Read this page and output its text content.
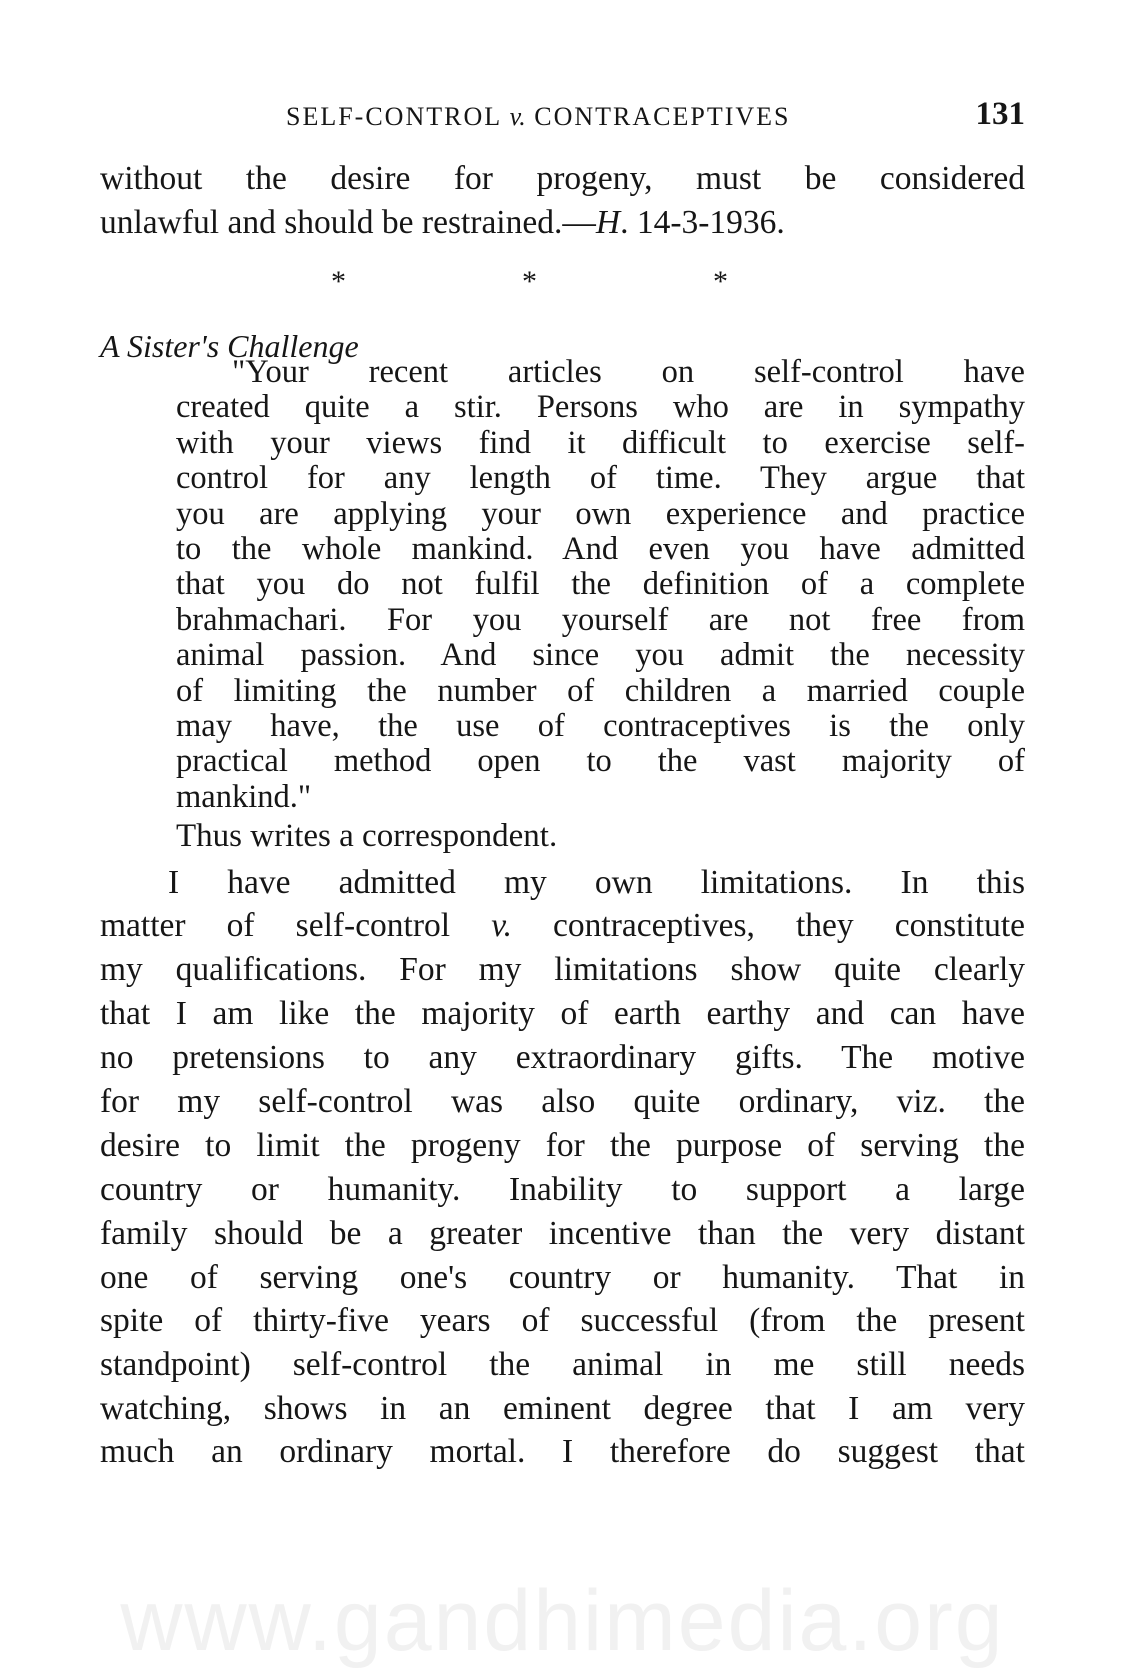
SELF-CONTROL v. CONTRACEPTIVES	131
without the desire for progeny, must be considered
unlawful and should be restrained.—H. 14-3-1936.
*	*	*
A Sister's Challenge
"Your recent articles on self-control have
created quite a stir. Persons who are in sympathy
with your views find it difficult to exercise self-
control for any length of time. They argue that
you are applying your own experience and practice
to the whole mankind. And even you have admitted
that you do not fulfil the definition of a complete
brahmachari. For you yourself are not free from
animal passion. And since you admit the necessity
of limiting the number of children a married couple
may have, the use of contraceptives is the only
practical method open to the vast majority of
mankind."
Thus writes a correspondent.
I have admitted my own limitations. In this
matter of self-control v. contraceptives, they constitute
my qualifications. For my limitations show quite clearly
that I am like the majority of earth earthy and can have
no pretensions to any extraordinary gifts. The motive
for my self-control was also quite ordinary, viz. the
desire to limit the progeny for the purpose of serving the
country or humanity. Inability to support a large
family should be a greater incentive than the very distant
one of serving one's country or humanity. That in
spite of thirty-five years of successful (from the present
standpoint) self-control the animal in me still needs
watching, shows in an eminent degree that I am very
much an ordinary mortal. I therefore do suggest that
www.gandhimedia.org
